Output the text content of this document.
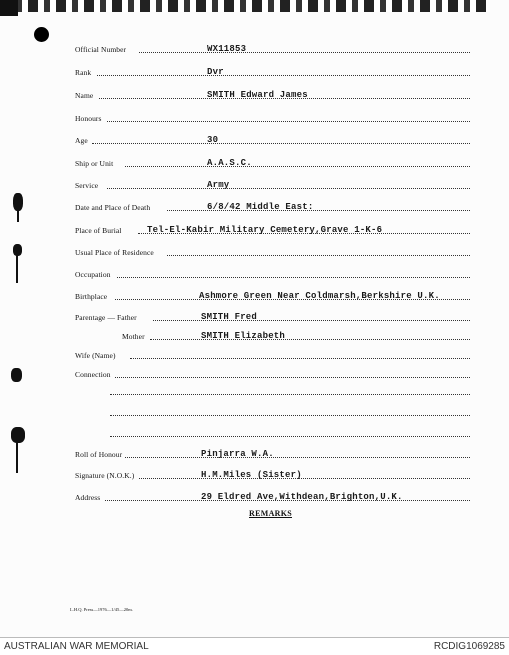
Official Number	WX11853
Rank	Dvr
Name	SMITH Edward James
Honours
Age	30
Ship or Unit	A.A.S.C.
Service	Army
Date and Place of Death	6/8/42 Middle East:
Place of Burial	Tel-El-Kabir Military Cemetery,Grave 1-K-6
Usual Place of Residence
Occupation
Birthplace	Ashmore Green Near Coldmarsh,Berkshire U.K.
Parentage — Father	SMITH Fred
Mother	SMITH Elizabeth
Wife (Name)
Connection
Roll of Honour	Pinjarra W.A.
Signature (N.O.K.)	H.M.Miles (Sister)
Address	29 Eldred Ave,Withdean,Brighton,U.K.
REMARKS
L.H.Q. Press—1976—1/45—20m.
AUSTRALIAN WAR MEMORIAL	RCDIG1069285
